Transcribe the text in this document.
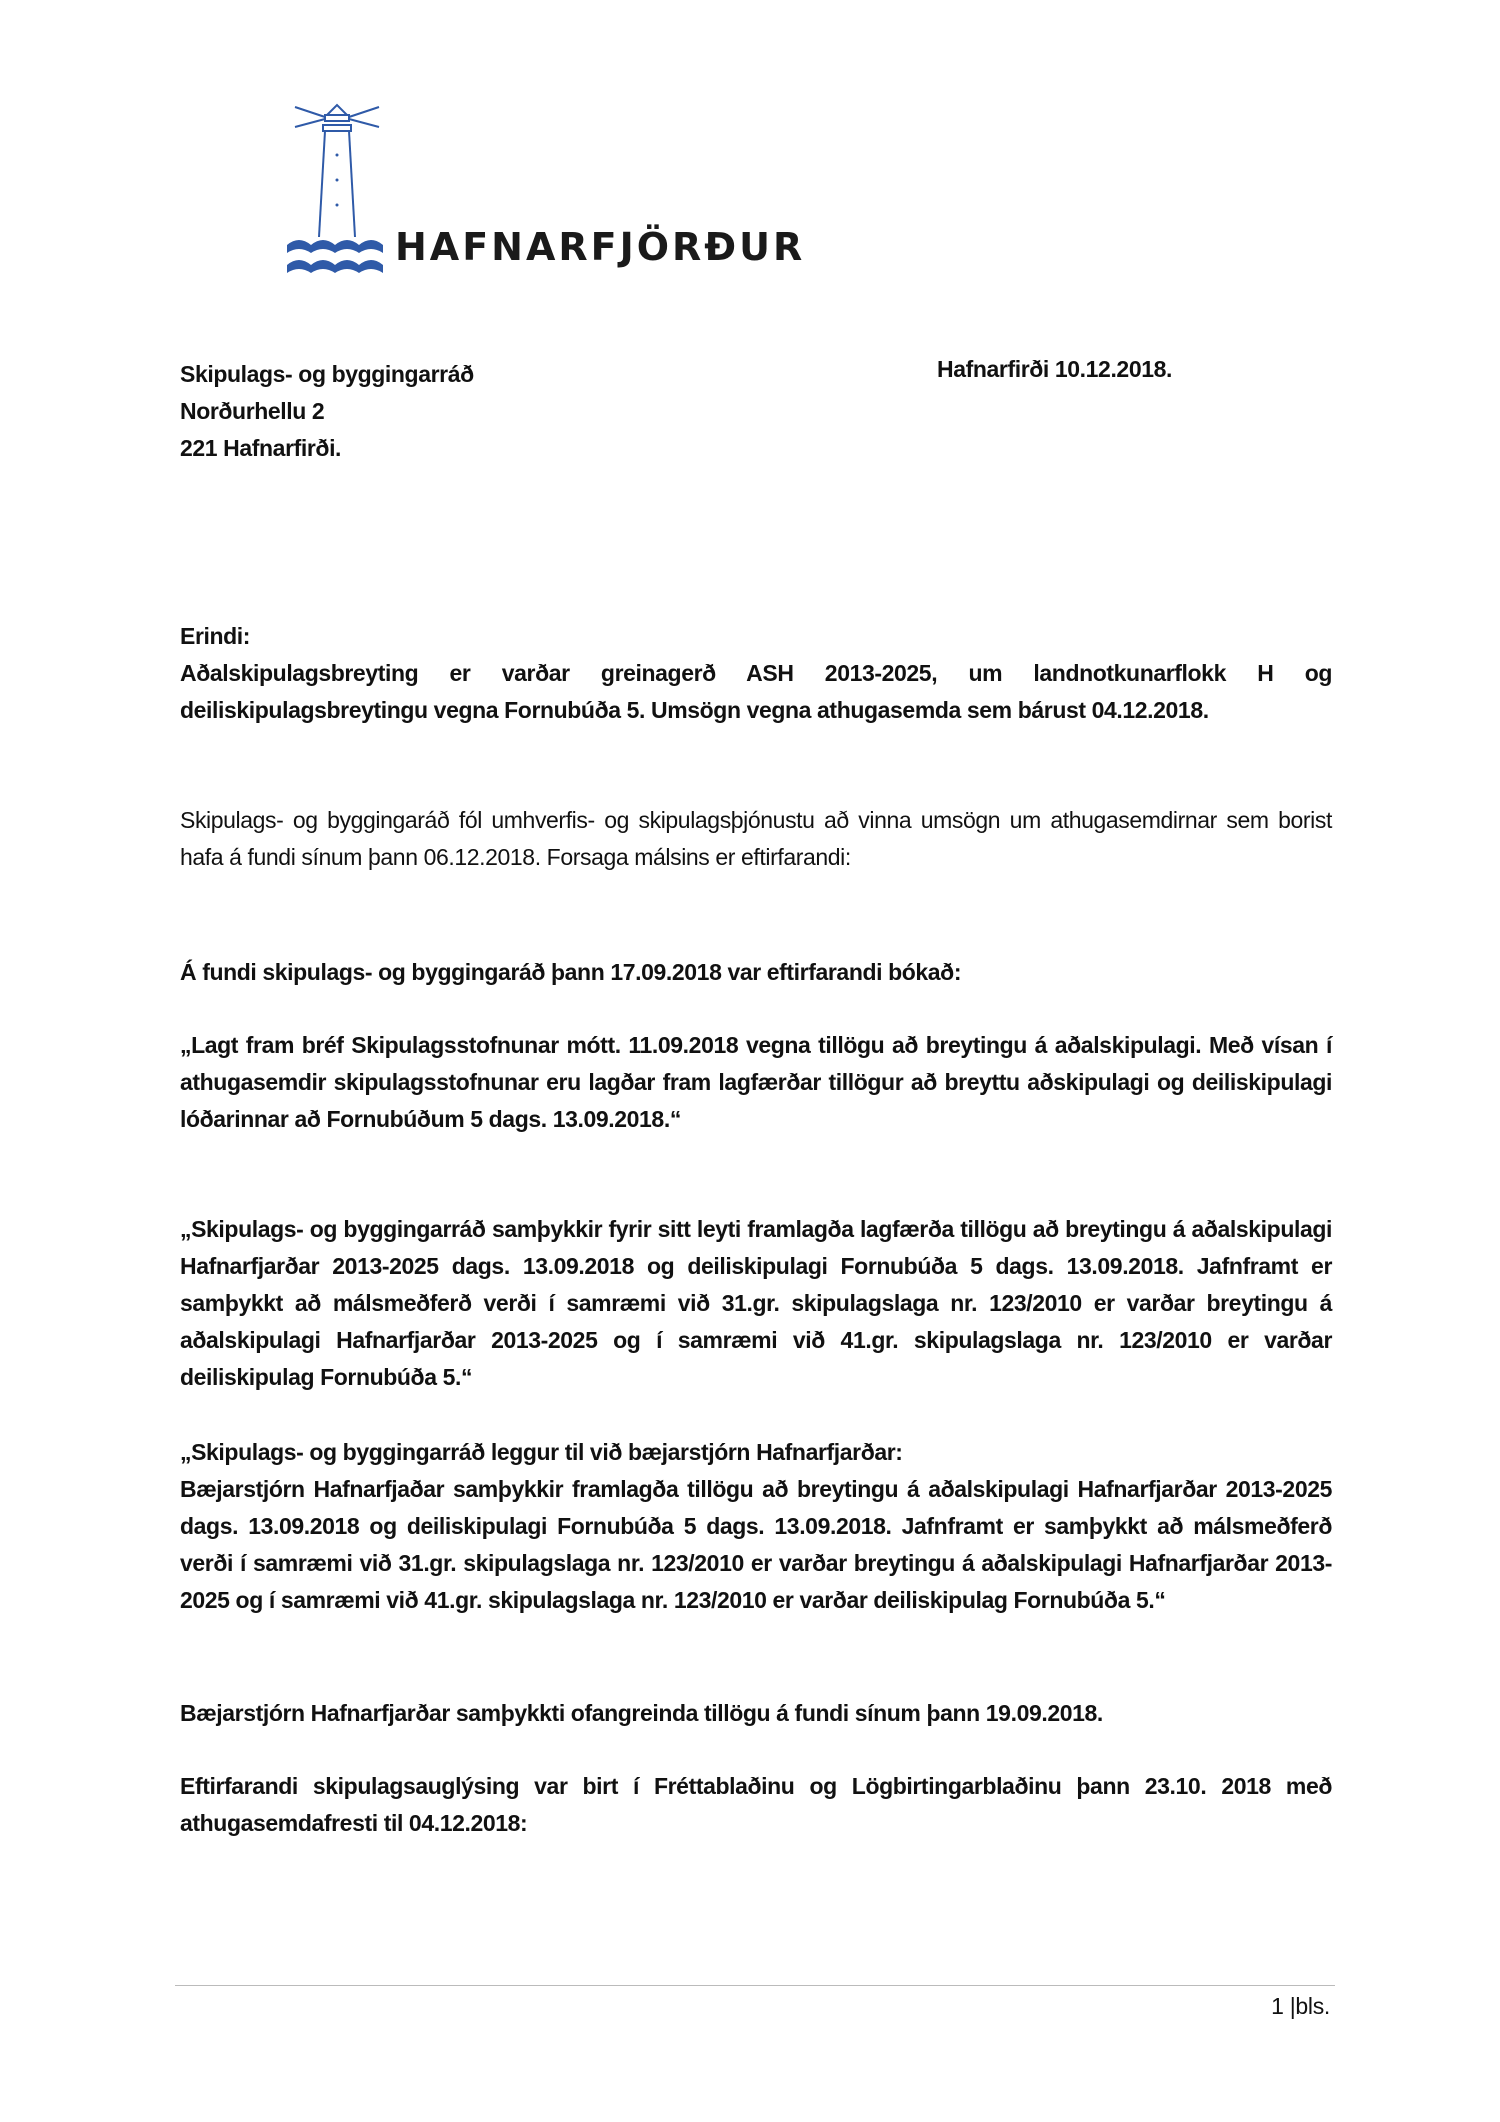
HAFNARFJÖRÐUR

Skipulags- og byggingarráð

Norðurhellu 2

221 Hafnarfirði.

Hafnarfirði 10.12.2018.

Erindi:

Aðalskipulagsbreyting er varðar greinagerð ASH 2013-2025, um landnotkunarflokk H og deiliskipulagsbreytingu vegna Fornubúða 5. Umsögn vegna athugasemda sem bárust 04.12.2018.

Skipulags- og byggingaráð fól umhverfis- og skipulagsþjónustu að vinna umsögn um athugasemdirnar sem borist hafa á fundi sínum þann 06.12.2018. Forsaga málsins er eftirfarandi:

Á fundi skipulags- og byggingaráð þann 17.09.2018 var eftirfarandi bókað:

„Lagt fram bréf Skipulagsstofnunar mótt. 11.09.2018 vegna tillögu að breytingu á aðalskipulagi. Með vísan í athugasemdir skipulagsstofnunar eru lagðar fram lagfærðar tillögur að breyttu aðskipulagi og deiliskipulagi lóðarinnar að Fornubúðum 5 dags. 13.09.2018.“

„Skipulags- og byggingarráð samþykkir fyrir sitt leyti framlagða lagfærða tillögu að breytingu á aðalskipulagi Hafnarfjarðar 2013-2025 dags. 13.09.2018 og deiliskipulagi Fornubúða 5 dags. 13.09.2018. Jafnframt er samþykkt að málsmeðferð verði í samræmi við 31.gr. skipulagslaga nr. 123/2010 er varðar breytingu á aðalskipulagi Hafnarfjarðar 2013-2025 og í samræmi við 41.gr. skipulagslaga nr. 123/2010 er varðar deiliskipulag Fornubúða 5.“

„Skipulags- og byggingarráð leggur til við bæjarstjórn Hafnarfjarðar:

Bæjarstjórn Hafnarfjaðar samþykkir framlagða tillögu að breytingu á aðalskipulagi Hafnarfjarðar 2013-2025 dags. 13.09.2018 og deiliskipulagi Fornubúða 5 dags. 13.09.2018. Jafnframt er samþykkt að málsmeðferð verði í samræmi við 31.gr. skipulagslaga nr. 123/2010 er varðar breytingu á aðalskipulagi Hafnarfjarðar 2013-2025 og í samræmi við 41.gr. skipulagslaga nr. 123/2010 er varðar deiliskipulag Fornubúða 5.“

Bæjarstjórn Hafnarfjarðar samþykkti ofangreinda tillögu á fundi sínum þann 19.09.2018.

Eftirfarandi skipulagsauglýsing var birt í Fréttablaðinu og Lögbirtingarblaðinu þann 23.10. 2018 með athugasemdafresti til 04.12.2018:

1 |bls.
